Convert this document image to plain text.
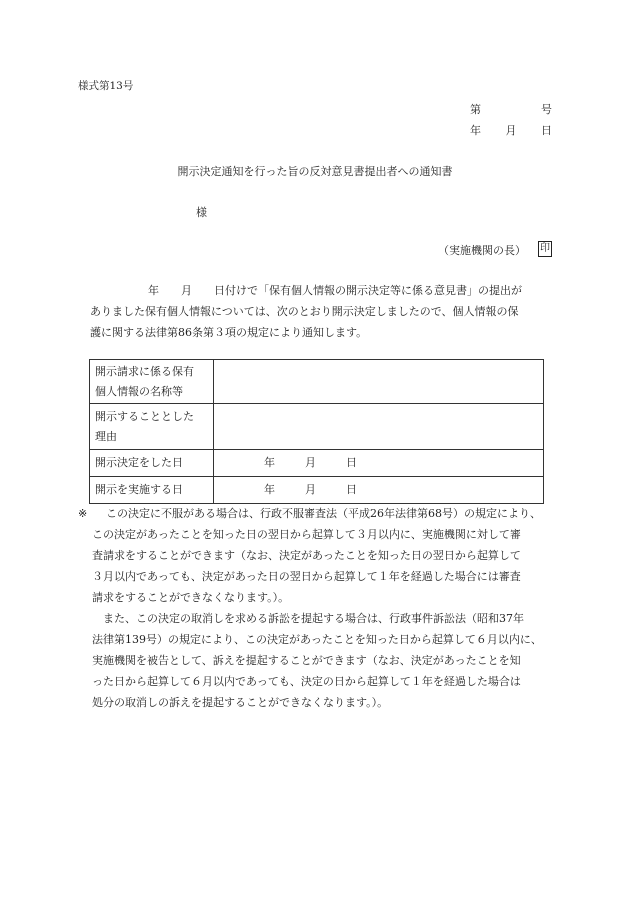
様式第13号
第	号
年 月 日
開示決定通知を行った旨の反対意見書提出者への通知書
様
（実施機関の長） 印
年　　月　　日付けで「保有個人情報の開示決定等に係る意見書」の提出が
ありました保有個人情報については、次のとおり開示決定しましたので、個人情報の保
護に関する法律第86条第３項の規定により通知します。
開示請求に係る保有
個人情報の名称等	

開示することとした
理由	

開示決定をした日	年 月 日
開示を実施する日	年 月 日
※	この決定に不服がある場合は、行政不服審査法（平成26年法律第68号）の規定により、
この決定があったことを知った日の翌日から起算して３月以内に、実施機関に対して審
査請求をすることができます（なお、決定があったことを知った日の翌日から起算して
３月以内であっても、決定があった日の翌日から起算して１年を経過した場合には審査
請求をすることができなくなります。）。
　また、この決定の取消しを求める訴訟を提起する場合は、行政事件訴訟法（昭和37年
法律第139号）の規定により、この決定があったことを知った日から起算して６月以内に、
実施機関を被告として、訴えを提起することができます（なお、決定があったことを知
った日から起算して６月以内であっても、決定の日から起算して１年を経過した場合は
処分の取消しの訴えを提起することができなくなります。）。
